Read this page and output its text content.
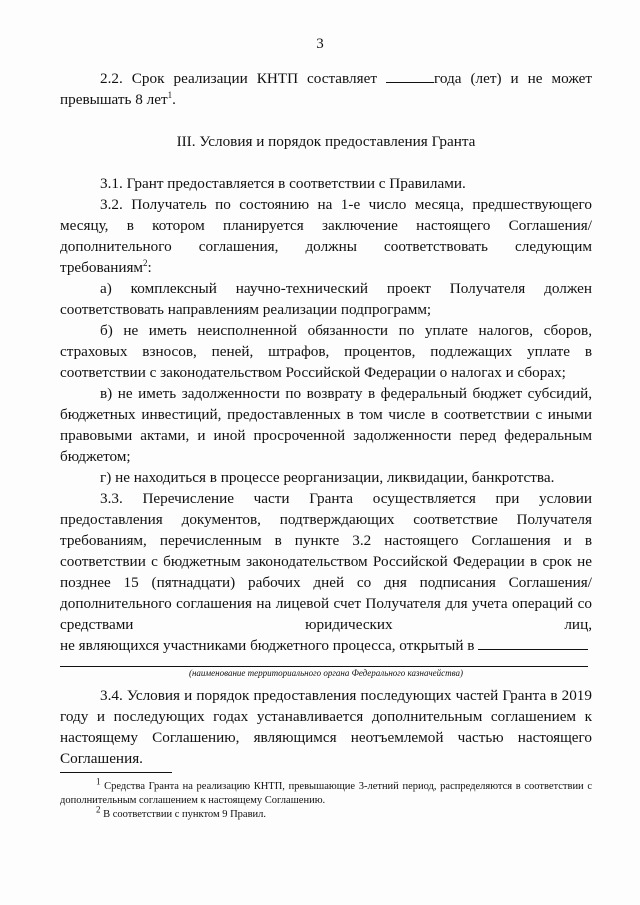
3

2.2. Срок реализации КНТП составляет	года (лет) и не может превышать 8 лет$^1$.

III. Условия и порядок предоставления Гранта

3.1. Грант предоставляется в соответствии с Правилами.

3.2. Получатель по состоянию на 1-е число месяца, предшествующего месяцу, в котором планируется заключение настоящего Соглашения/дополнительного соглашения, должны соответствовать следующим требованиям$^2$:

а) комплексный научно-технический проект Получателя должен соответствовать направлениям реализации подпрограмм;

б) не иметь неисполненной обязанности по уплате налогов, сборов, страховых взносов, пеней, штрафов, процентов, подлежащих уплате в соответствии с законодательством Российской Федерации о налогах и сборах;

в) не иметь задолженности по возврату в федеральный бюджет субсидий, бюджетных инвестиций, предоставленных в том числе в соответствии с иными правовыми актами, и иной просроченной задолженности перед федеральным бюджетом;

г) не находиться в процессе реорганизации, ликвидации, банкротства.

3.3. Перечисление части Гранта осуществляется при условии предоставления документов, подтверждающих соответствие Получателя требованиям, перечисленным в пункте 3.2 настоящего Соглашения и в соответствии с бюджетным законодательством Российской Федерации в срок не позднее 15 (пятнадцати) рабочих дней со дня подписания Соглашения/дополнительного соглашения на лицевой счет Получателя для учета операций со средствами юридических лиц,

не являющихся участниками бюджетного процесса, открытый в

(наименование территориального органа Федерального казначейства)

3.4. Условия и порядок предоставления последующих частей Гранта в 2019 году и последующих годах устанавливается дополнительным соглашением к настоящему Соглашению, являющимся неотъемлемой частью настоящего Соглашения.

$^1$ Средства Гранта на реализацию КНТП, превышающие 3-летний период, распределяются в соответствии с дополнительным соглашением к настоящему Соглашению.

$^2$ В соответствии с пунктом 9 Правил.
